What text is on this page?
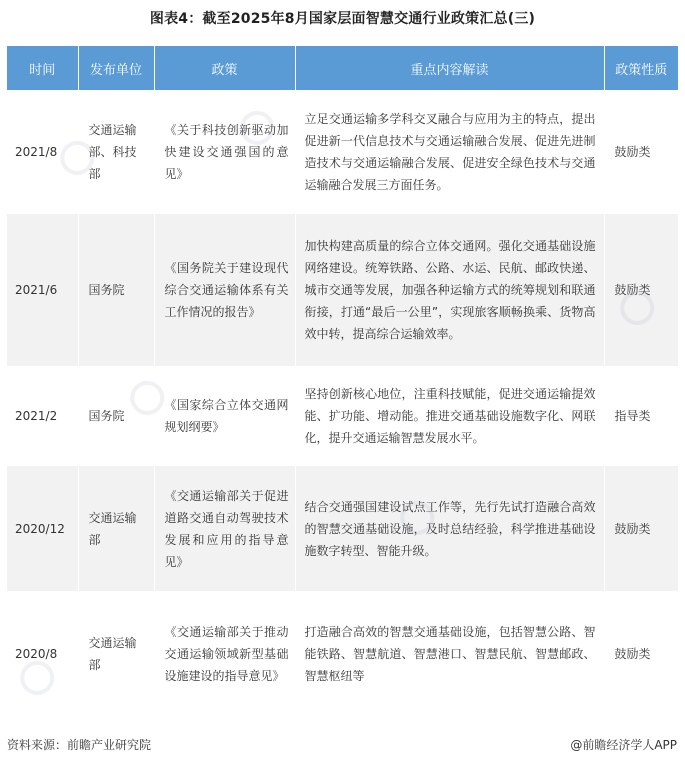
图表4：截至2025年8月国家层面智慧交通行业政策汇总(三)
时间	发布单位	政策	重点内容解读	政策性质
2021/8	交通运输部、科技部	《关于科技创新驱动加快建设交通强国的意见》	立足交通运输多学科交叉融合与应用为主的特点，提出促进新一代信息技术与交通运输融合发展、促进先进制造技术与交通运输融合发展、促进安全绿色技术与交通运输融合发展三方面任务。	鼓励类
2021/6	国务院	《国务院关于建设现代综合交通运输体系有关工作情况的报告》	加快构建高质量的综合立体交通网。强化交通基础设施网络建设。统筹铁路、公路、水运、民航、邮政快递、城市交通等发展，加强各种运输方式的统筹规划和联通衔接，打通“最后一公里”，实现旅客顺畅换乘、货物高效中转，提高综合运输效率。	鼓励类
2021/2	国务院	《国家综合立体交通网规划纲要》	坚持创新核心地位，注重科技赋能，促进交通运输提效能、扩功能、增动能。推进交通基础设施数字化、网联化，提升交通运输智慧发展水平。	指导类
2020/12	交通运输部	《交通运输部关于促进道路交通自动驾驶技术发展和应用的指导意见》	结合交通强国建设试点工作等，先行先试打造融合高效的智慧交通基础设施，及时总结经验，科学推进基础设施数字转型、智能升级。	鼓励类
2020/8	交通运输部	《交通运输部关于推动交通运输领域新型基础设施建设的指导意见》	打造融合高效的智慧交通基础设施，包括智慧公路、智能铁路、智慧航道、智慧港口、智慧民航、智慧邮政、智慧枢纽等	鼓励类
资料来源：前瞻产业研究院	@前瞻经济学人APP
